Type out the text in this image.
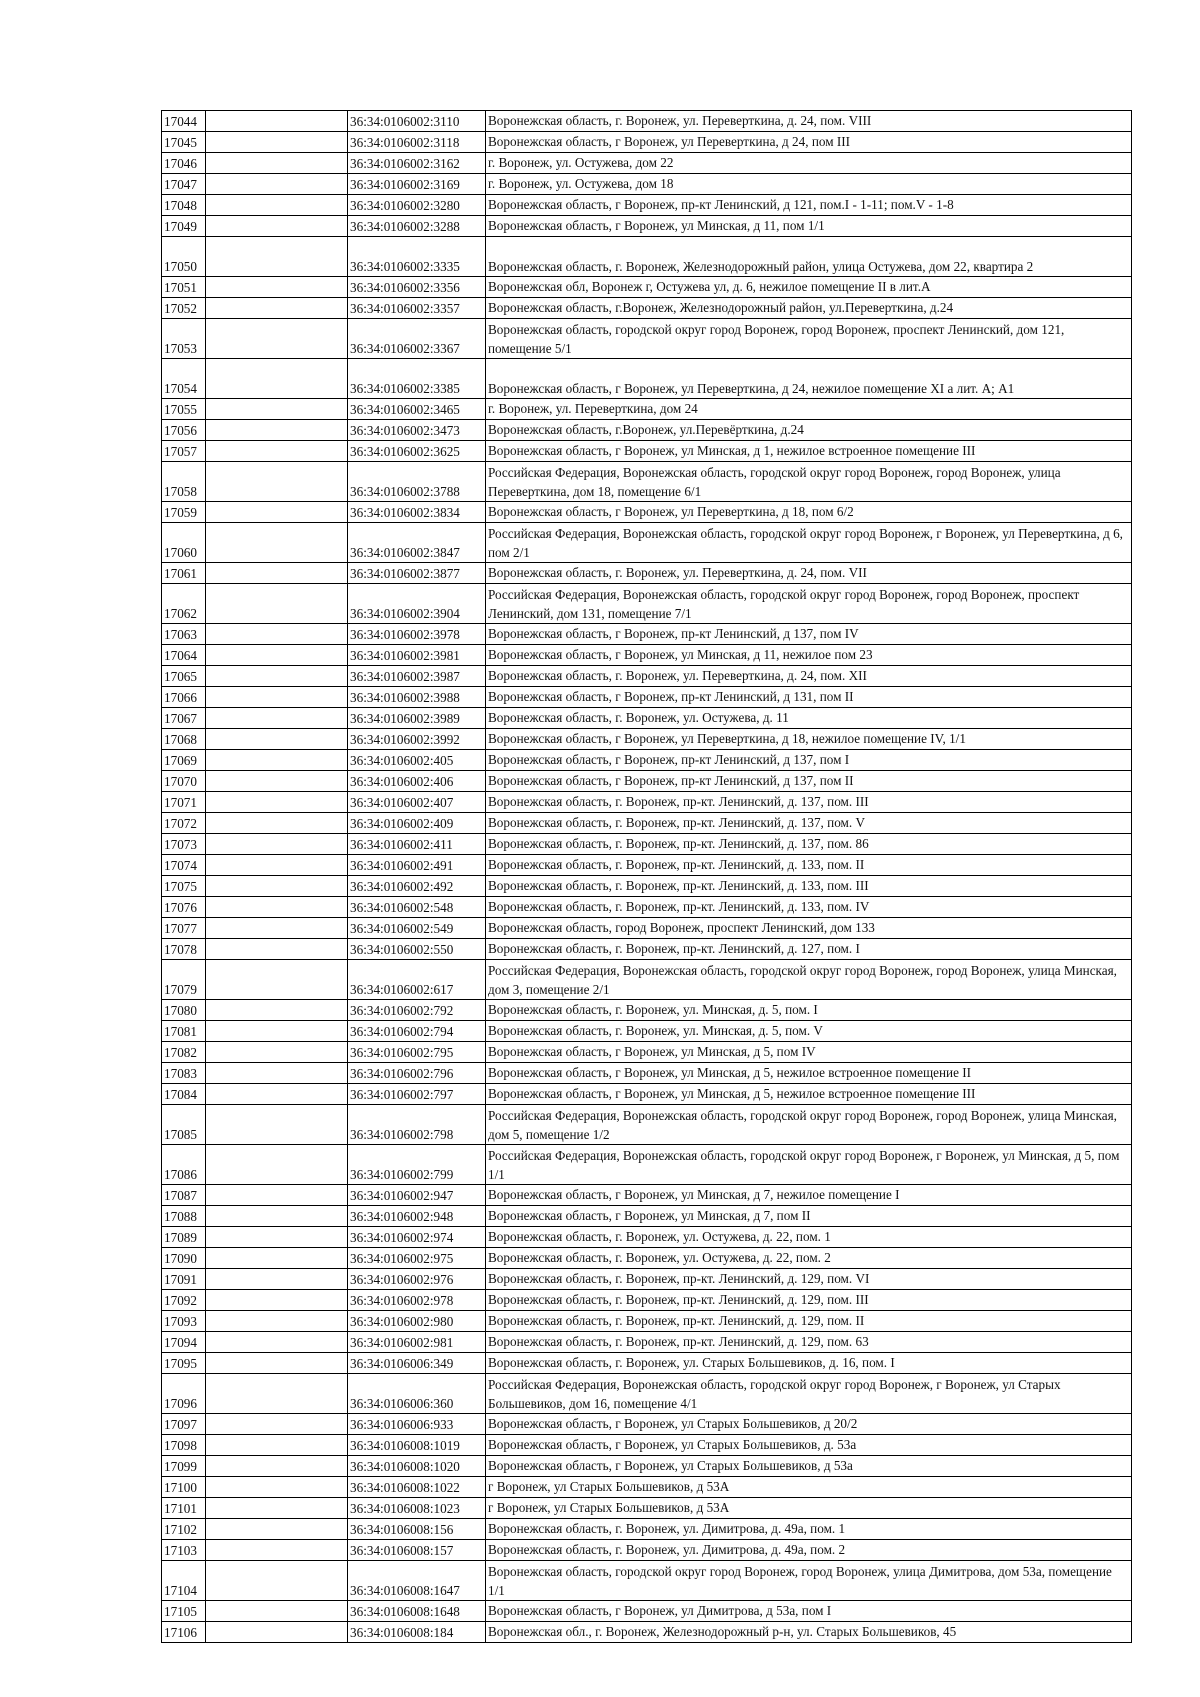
17044		36:34:0106002:3110	Воронежская область, г. Воронеж, ул. Переверткина, д. 24, пом. VIII
17045		36:34:0106002:3118	Воронежская область, г Воронеж, ул Переверткина, д 24, пом III
17046		36:34:0106002:3162	г. Воронеж, ул. Остужева, дом 22
17047		36:34:0106002:3169	г. Воронеж, ул. Остужева, дом 18
17048		36:34:0106002:3280	Воронежская область, г Воронеж, пр-кт Ленинский, д 121, пом.I - 1-11; пом.V - 1-8
17049		36:34:0106002:3288	Воронежская область, г Воронеж, ул Минская, д 11, пом 1/1
17050		36:34:0106002:3335	Воронежская область, г. Воронеж, Железнодорожный район, улица Остужева, дом 22, квартира 2
17051		36:34:0106002:3356	Воронежская обл, Воронеж г, Остужева ул, д. 6, нежилое помещение II в лит.А
17052		36:34:0106002:3357	Воронежская область, г.Воронеж, Железнодорожный район, ул.Переверткина, д.24
17053		36:34:0106002:3367	Воронежская область, городской округ город Воронеж, город Воронеж, проспект Ленинский, дом 121, помещение 5/1
17054		36:34:0106002:3385	Воронежская область, г Воронеж, ул Переверткина, д 24, нежилое помещение XI а лит. А; А1
17055		36:34:0106002:3465	г. Воронеж, ул. Переверткина, дом 24
17056		36:34:0106002:3473	Воронежская область, г.Воронеж, ул.Перевёрткина, д.24
17057		36:34:0106002:3625	Воронежская область, г Воронеж, ул Минская, д 1, нежилое встроенное помещение III
17058		36:34:0106002:3788	Российская Федерация, Воронежская область, городской округ город Воронеж, город Воронеж, улица Переверткина, дом 18, помещение 6/1
17059		36:34:0106002:3834	Воронежская область, г Воронеж, ул Переверткина, д 18, пом 6/2
17060		36:34:0106002:3847	Российская Федерация, Воронежская область, городской округ город Воронеж, г Воронеж, ул Переверткина, д 6, пом 2/1
17061		36:34:0106002:3877	Воронежская область, г. Воронеж, ул. Переверткина, д. 24, пом. VII
17062		36:34:0106002:3904	Российская Федерация, Воронежская область, городской округ город Воронеж, город Воронеж, проспект Ленинский, дом 131, помещение 7/1
17063		36:34:0106002:3978	Воронежская область, г Воронеж, пр-кт Ленинский, д 137, пом IV
17064		36:34:0106002:3981	Воронежская область, г Воронеж, ул Минская, д 11, нежилое пом 23
17065		36:34:0106002:3987	Воронежская область, г. Воронеж, ул. Переверткина, д. 24, пом. XII
17066		36:34:0106002:3988	Воронежская область, г Воронеж, пр-кт Ленинский, д 131, пом II
17067		36:34:0106002:3989	Воронежская область, г. Воронеж, ул. Остужева, д. 11
17068		36:34:0106002:3992	Воронежская область, г Воронеж, ул Переверткина, д 18, нежилое помещение IV, 1/1
17069		36:34:0106002:405	Воронежская область, г Воронеж, пр-кт Ленинский, д 137, пом I
17070		36:34:0106002:406	Воронежская область, г Воронеж, пр-кт Ленинский, д 137, пом II
17071		36:34:0106002:407	Воронежская область, г. Воронеж, пр-кт. Ленинский, д. 137, пом. III
17072		36:34:0106002:409	Воронежская область, г. Воронеж, пр-кт. Ленинский, д. 137, пом. V
17073		36:34:0106002:411	Воронежская область, г. Воронеж, пр-кт. Ленинский, д. 137, пом. 86
17074		36:34:0106002:491	Воронежская область, г. Воронеж, пр-кт. Ленинский, д. 133, пом. II
17075		36:34:0106002:492	Воронежская область, г. Воронеж, пр-кт. Ленинский, д. 133, пом. III
17076		36:34:0106002:548	Воронежская область, г. Воронеж, пр-кт. Ленинский, д. 133, пом. IV
17077		36:34:0106002:549	Воронежская область, город Воронеж, проспект Ленинский, дом 133
17078		36:34:0106002:550	Воронежская область, г. Воронеж, пр-кт. Ленинский, д. 127, пом. I
17079		36:34:0106002:617	Российская Федерация, Воронежская область, городской округ город Воронеж, город Воронеж, улица Минская, дом 3, помещение 2/1
17080		36:34:0106002:792	Воронежская область, г. Воронеж, ул. Минская, д. 5, пом. I
17081		36:34:0106002:794	Воронежская область, г. Воронеж, ул. Минская, д. 5, пом. V
17082		36:34:0106002:795	Воронежская область, г Воронеж, ул Минская, д 5, пом IV
17083		36:34:0106002:796	Воронежская область, г Воронеж, ул Минская, д 5, нежилое встроенное помещение II
17084		36:34:0106002:797	Воронежская область, г Воронеж, ул Минская, д 5, нежилое встроенное помещение III
17085		36:34:0106002:798	Российская Федерация, Воронежская область, городской округ город Воронеж, город Воронеж, улица Минская, дом 5, помещение 1/2
17086		36:34:0106002:799	Российская Федерация, Воронежская область, городской округ город Воронеж, г Воронеж, ул Минская, д 5, пом 1/1
17087		36:34:0106002:947	Воронежская область, г Воронеж, ул Минская, д 7, нежилое помещение I
17088		36:34:0106002:948	Воронежская область, г Воронеж, ул Минская, д 7, пом II
17089		36:34:0106002:974	Воронежская область, г. Воронеж, ул. Остужева, д. 22, пом. 1
17090		36:34:0106002:975	Воронежская область, г. Воронеж, ул. Остужева, д. 22, пом. 2
17091		36:34:0106002:976	Воронежская область, г. Воронеж, пр-кт. Ленинский, д. 129, пом. VI
17092		36:34:0106002:978	Воронежская область, г. Воронеж, пр-кт. Ленинский, д. 129, пом. III
17093		36:34:0106002:980	Воронежская область, г. Воронеж, пр-кт. Ленинский, д. 129, пом. II
17094		36:34:0106002:981	Воронежская область, г. Воронеж, пр-кт. Ленинский, д. 129, пом. 63
17095		36:34:0106006:349	Воронежская область, г. Воронеж, ул. Старых Большевиков, д. 16, пом. I
17096		36:34:0106006:360	Российская Федерация, Воронежская область, городской округ город Воронеж, г Воронеж, ул Старых Большевиков, дом 16, помещение 4/1
17097		36:34:0106006:933	Воронежская область, г Воронеж, ул Старых Большевиков, д 20/2
17098		36:34:0106008:1019	Воронежская область, г Воронеж, ул Старых Большевиков, д. 53а
17099		36:34:0106008:1020	Воронежская область, г Воронеж, ул Старых Большевиков, д 53а
17100		36:34:0106008:1022	г Воронеж, ул Старых Большевиков, д 53А
17101		36:34:0106008:1023	г Воронеж, ул Старых Большевиков, д 53А
17102		36:34:0106008:156	Воронежская область, г. Воронеж, ул. Димитрова, д. 49а, пом. 1
17103		36:34:0106008:157	Воронежская область, г. Воронеж, ул. Димитрова, д. 49а, пом. 2
17104		36:34:0106008:1647	Воронежская область, городской округ город Воронеж, город Воронеж, улица Димитрова, дом 53а, помещение 1/1
17105		36:34:0106008:1648	Воронежская область, г Воронеж, ул Димитрова, д 53а, пом I
17106		36:34:0106008:184	Воронежская обл., г. Воронеж, Железнодорожный р-н, ул. Старых Большевиков, 45
